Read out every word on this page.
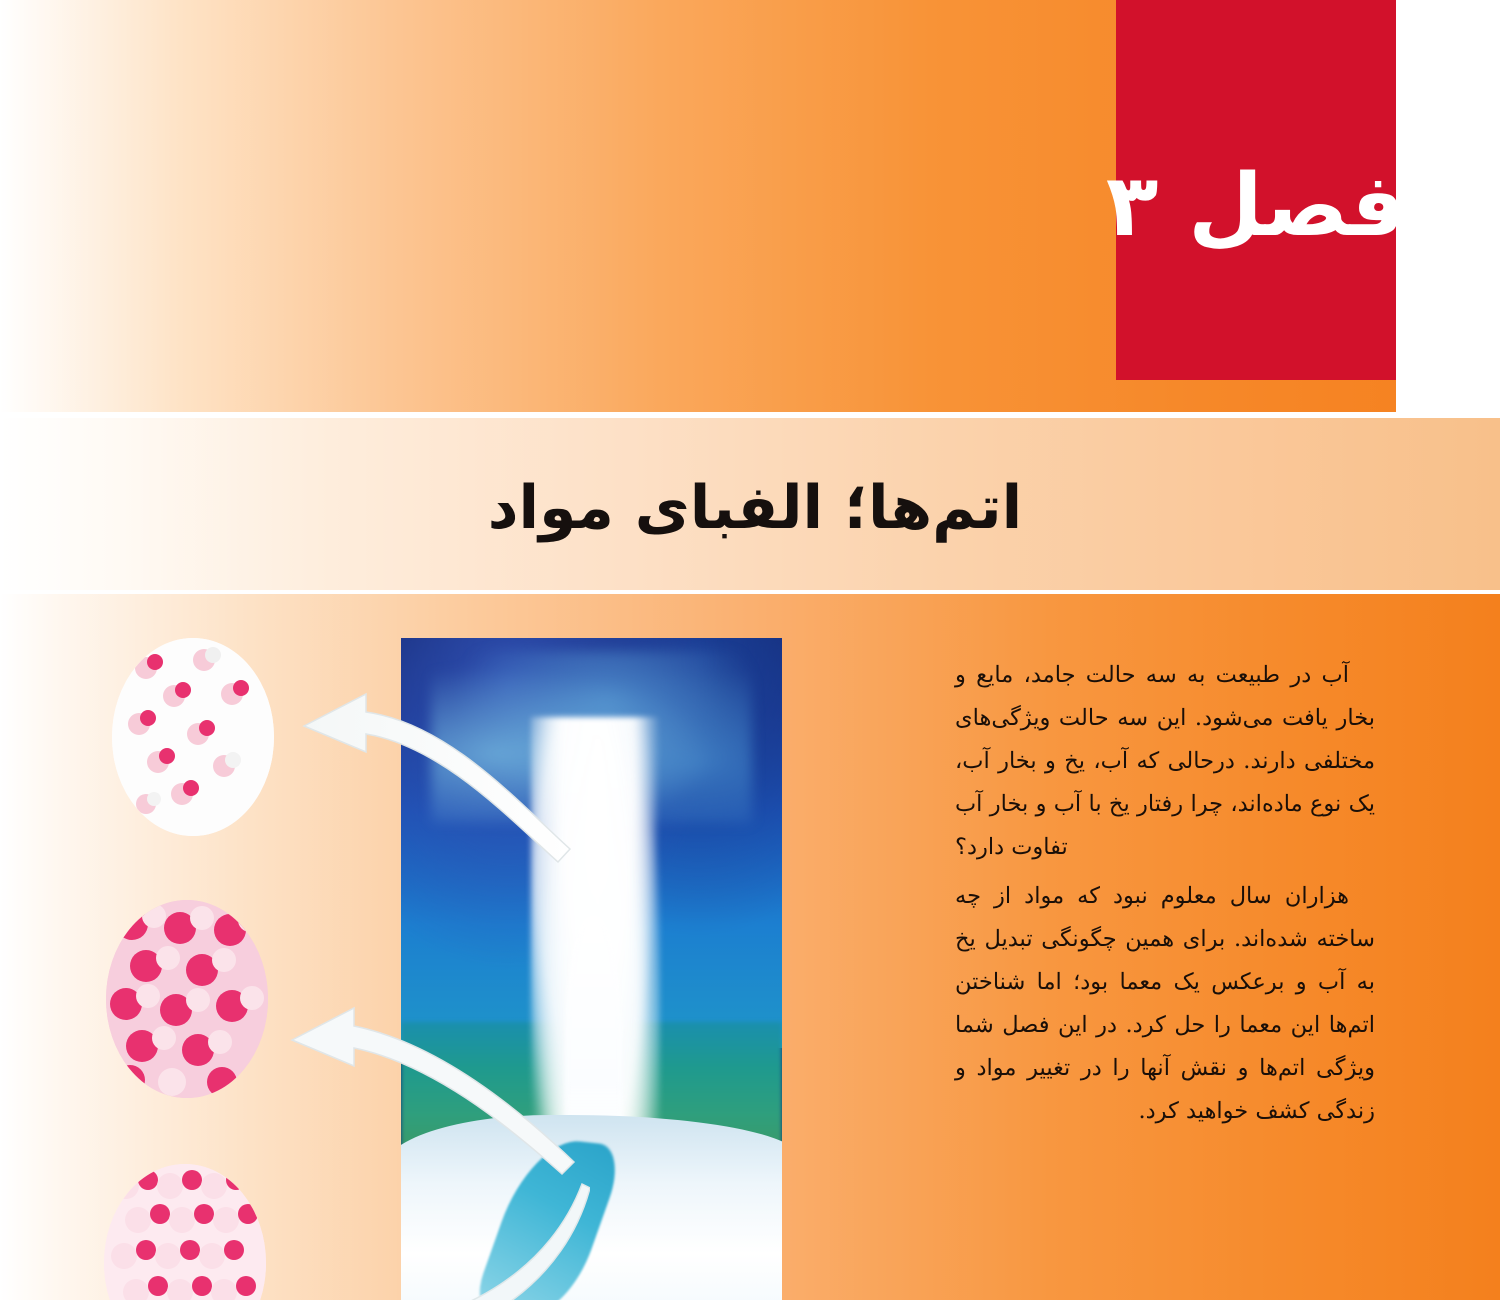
فصل ۳
اتم‌ها؛ الفبای مواد

آب در طبیعت به سه حالت جامد، مایع و بخار یافت می‌شود. این سه حالت ویژگی‌های مختلفی دارند. درحالی که آب، یخ و بخار آب، یک نوع ماده‌اند، چرا رفتار یخ با آب و بخار آب تفاوت دارد؟

هزاران سال معلوم نبود که مواد از چه ساخته شده‌اند. برای همین چگونگی تبدیل یخ به آب و برعکس یک معما بود؛ اما شناختن اتم‌ها این معما را حل کرد. در این فصل شما ویژگی اتم‌ها و نقش آنها را در تغییر مواد و زندگی کشف خواهید کرد.
